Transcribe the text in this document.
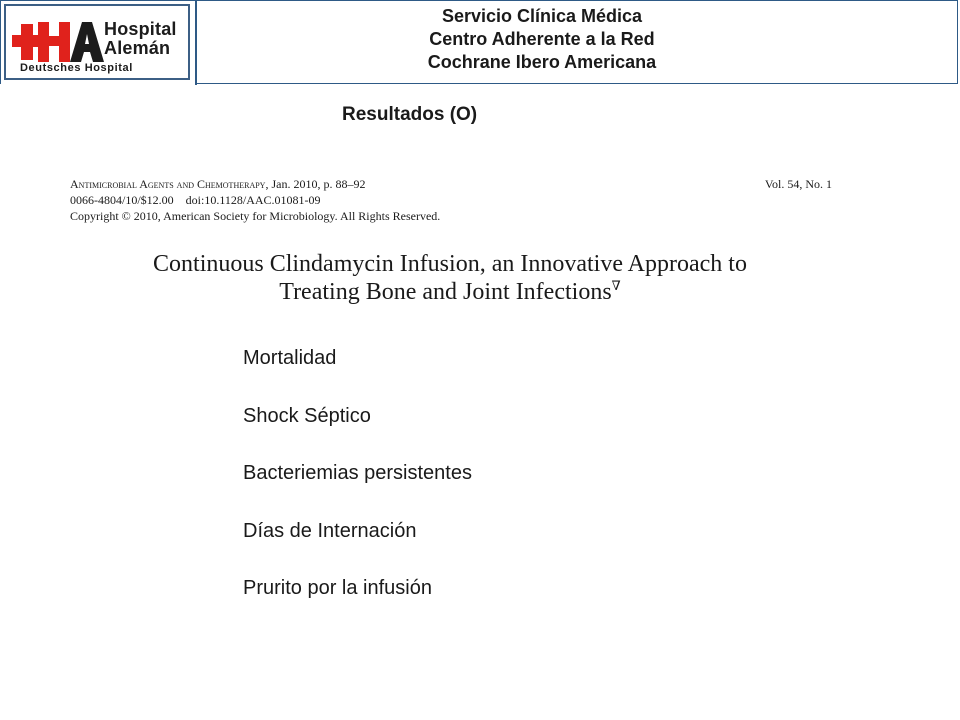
Hospital
Alemán
Deutsches Hospital
Servicio Clínica Médica
Centro Adherente a la Red
Cochrane Ibero Americana
Resultados (O)
Antimicrobial Agents and Chemotherapy, Jan. 2010, p. 88–92	Vol. 54, No. 1
0066-4804/10/$12.00    doi:10.1128/AAC.01081-09
Copyright © 2010, American Society for Microbiology. All Rights Reserved.
Continuous Clindamycin Infusion, an Innovative Approach to
Treating Bone and Joint Infections∇
Mortalidad
Shock Séptico
Bacteriemias persistentes
Días de Internación
Prurito por la infusión
